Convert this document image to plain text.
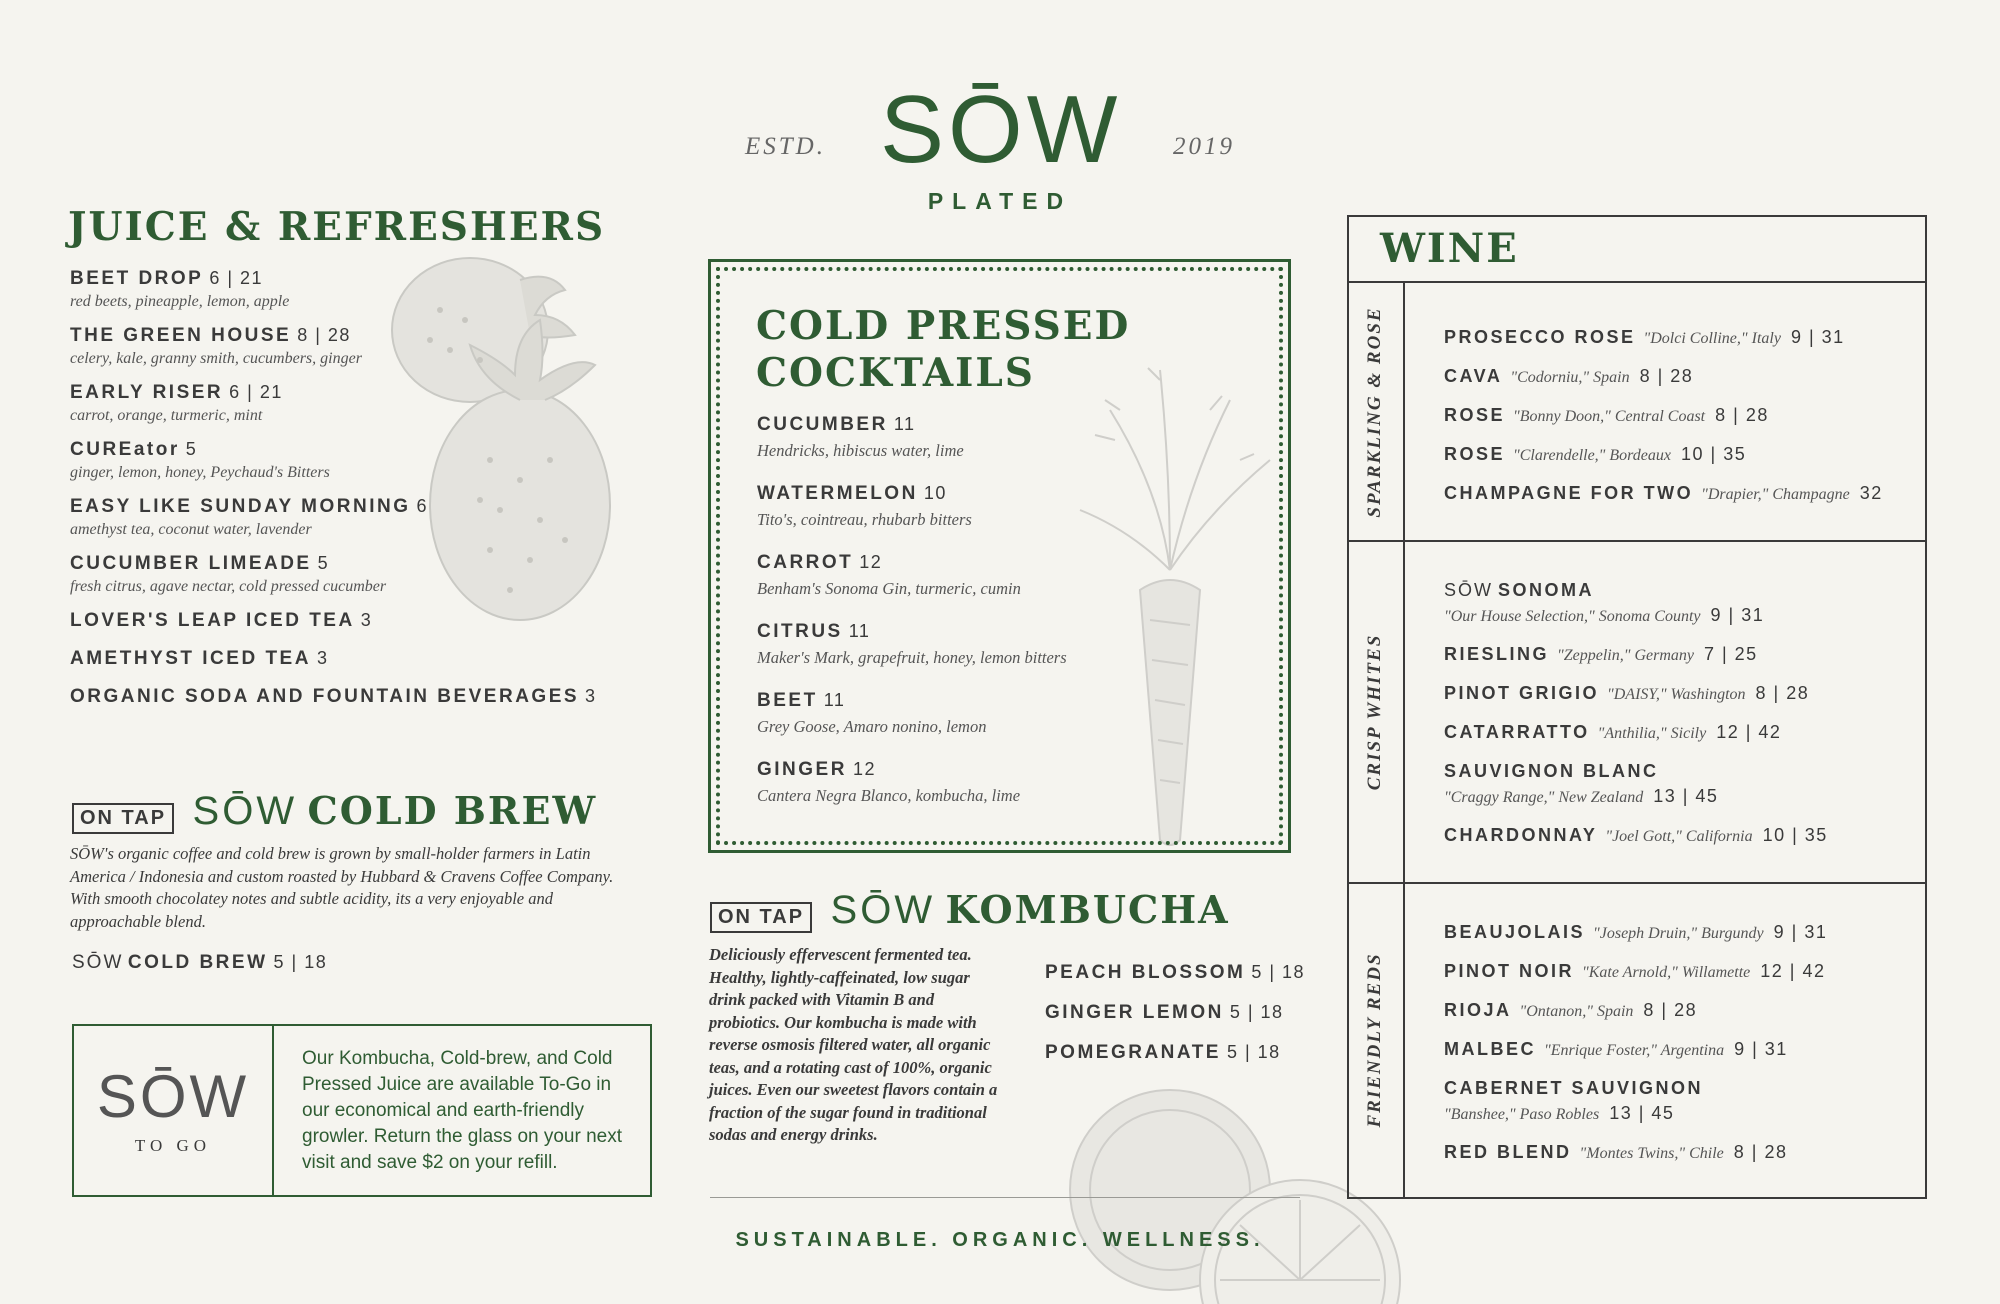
ESTD.	2019
SŌW
PLATED
JUICE & REFRESHERS
BEET DROP 6 | 21
red beets, pineapple, lemon, apple
THE GREEN HOUSE 8 | 28
celery, kale, granny smith, cucumbers, ginger
EARLY RISER 6 | 21
carrot, orange, turmeric, mint
CUREator 5
ginger, lemon, honey, Peychaud's Bitters
EASY LIKE SUNDAY MORNING 6
amethyst tea, coconut water, lavender
CUCUMBER LIMEADE 5
fresh citrus, agave nectar, cold pressed cucumber
LOVER'S LEAP ICED TEA 3
AMETHYST ICED TEA 3
ORGANIC SODA AND FOUNTAIN BEVERAGES 3
ON TAP SŌW COLD BREW
SŌW's organic coffee and cold brew is grown by small-holder farmers in Latin America / Indonesia and custom roasted by Hubbard & Cravens Coffee Company. With smooth chocolatey notes and subtle acidity, its a very enjoyable and approachable blend.
SŌW COLD BREW 5 | 18
SŌW
TO GO
Our Kombucha, Cold-brew, and Cold Pressed Juice are available To-Go in our economical and earth-friendly growler. Return the glass on your next visit and save $2 on your refill.
COLD PRESSED
COCKTAILS
CUCUMBER 11
Hendricks, hibiscus water, lime
WATERMELON 10
Tito's, cointreau, rhubarb bitters
CARROT 12
Benham's Sonoma Gin, turmeric, cumin
CITRUS 11
Maker's Mark, grapefruit, honey, lemon bitters
BEET 11
Grey Goose, Amaro nonino, lemon
GINGER 12
Cantera Negra Blanco, kombucha, lime
ON TAP SŌW KOMBUCHA
Deliciously effervescent fermented tea. Healthy, lightly-caffeinated, low sugar drink packed with Vitamin B and probiotics. Our kombucha is made with reverse osmosis filtered water, all organic teas, and a rotating cast of 100%, organic juices. Even our sweetest flavors contain a fraction of the sugar found in traditional sodas and energy drinks.
PEACH BLOSSOM 5 | 18
GINGER LEMON 5 | 18
POMEGRANATE 5 | 18
SUSTAINABLE. ORGANIC. WELLNESS.
WINE
SPARKLING & ROSE
CRISP WHITES
FRIENDLY REDS
PROSECCO ROSE "Dolci Colline," Italy 9 | 31
CAVA "Codorniu," Spain 8 | 28
ROSE "Bonny Doon," Central Coast 8 | 28
ROSE "Clarendelle," Bordeaux 10 | 35
CHAMPAGNE FOR TWO "Drapier," Champagne 32
SŌW SONOMA
"Our House Selection," Sonoma County 9 | 31
RIESLING "Zeppelin," Germany 7 | 25
PINOT GRIGIO "DAISY," Washington 8 | 28
CATARRATTO "Anthilia," Sicily 12 | 42
SAUVIGNON BLANC
"Craggy Range," New Zealand 13 | 45
CHARDONNAY "Joel Gott," California 10 | 35
BEAUJOLAIS "Joseph Druin," Burgundy 9 | 31
PINOT NOIR "Kate Arnold," Willamette 12 | 42
RIOJA "Ontanon," Spain 8 | 28
MALBEC "Enrique Foster," Argentina 9 | 31
CABERNET SAUVIGNON
"Banshee," Paso Robles 13 | 45
RED BLEND "Montes Twins," Chile 8 | 28
